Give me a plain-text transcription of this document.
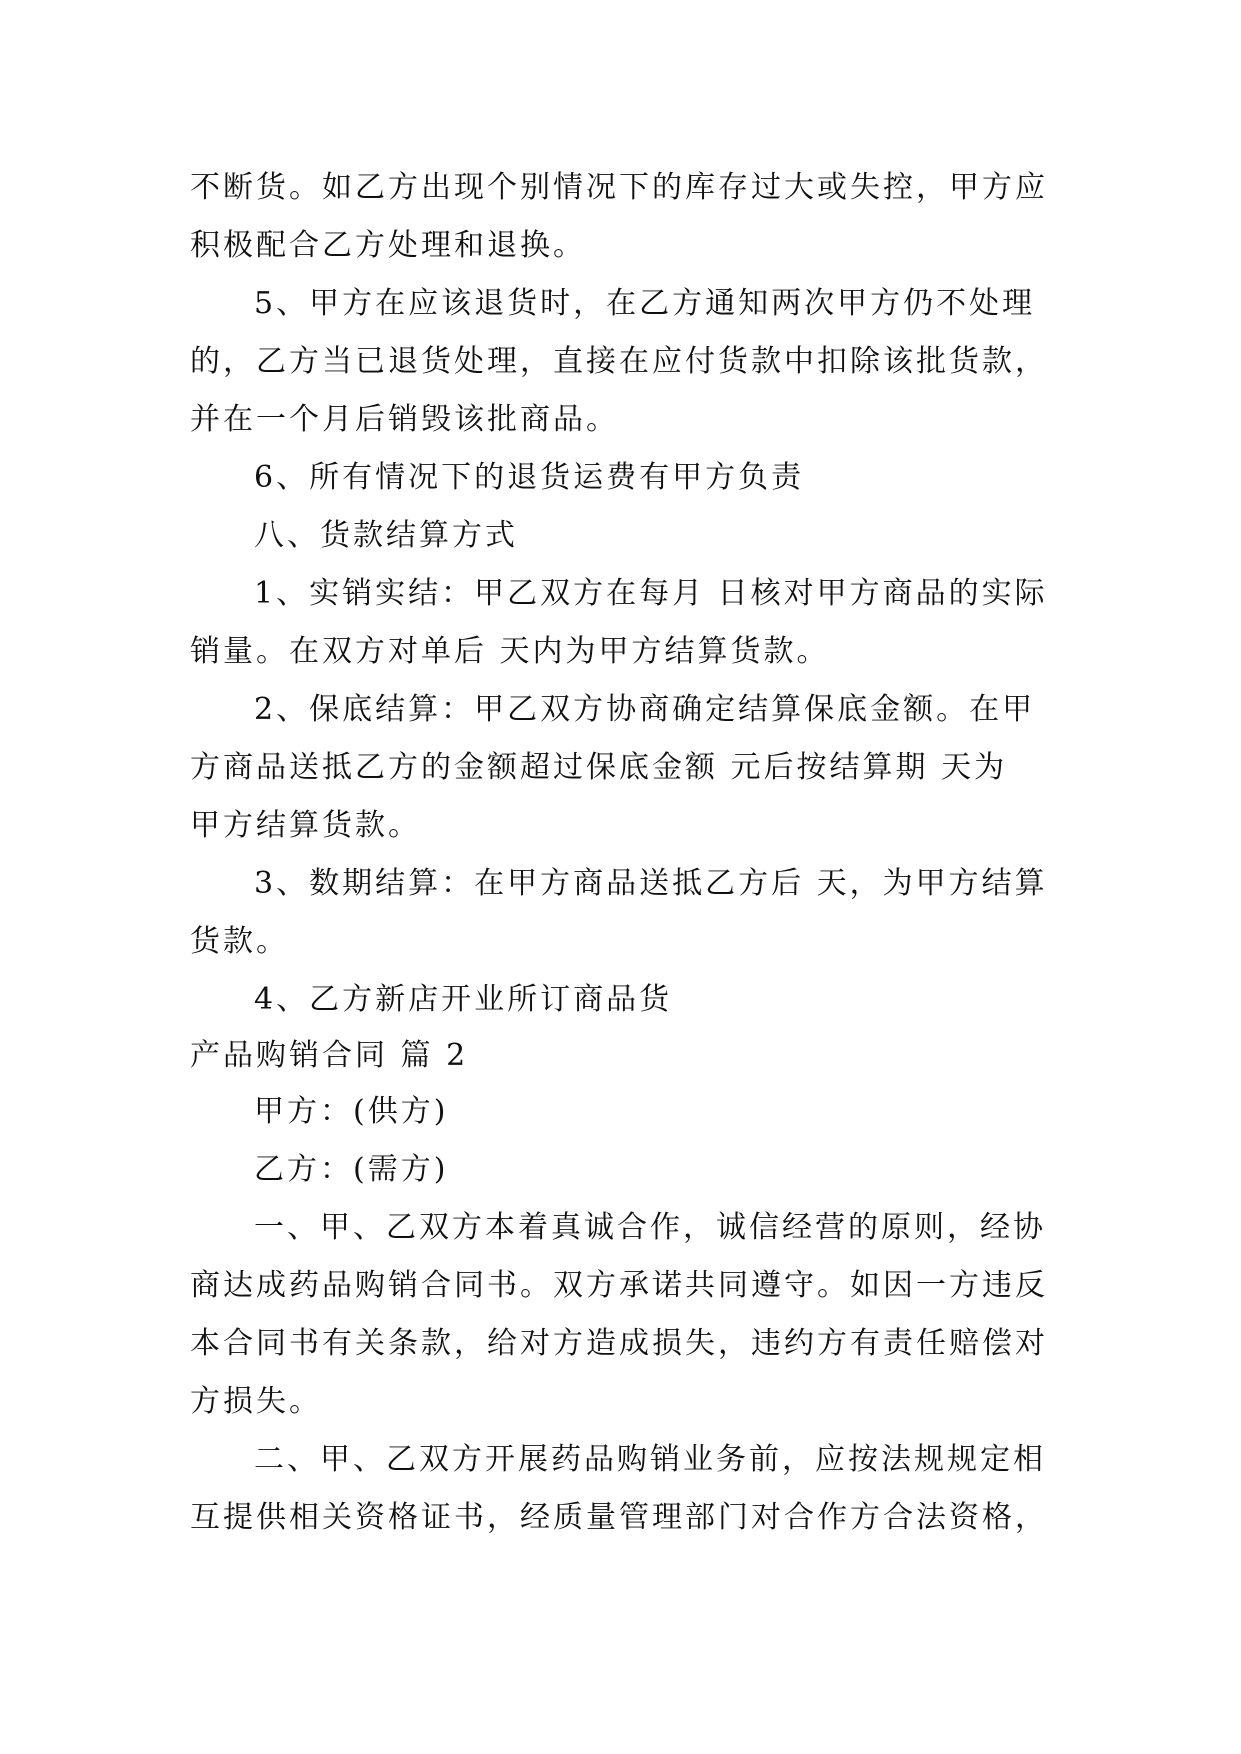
不断货。如乙方出现个别情况下的库存过大或失控，甲方应
积极配合乙方处理和退换。
5、甲方在应该退货时，在乙方通知两次甲方仍不处理
的，乙方当已退货处理，直接在应付货款中扣除该批货款，
并在一个月后销毁该批商品。
6、所有情况下的退货运费有甲方负责
八、货款结算方式
1、实销实结：甲乙双方在每月 日核对甲方商品的实际
销量。在双方对单后 天内为甲方结算货款。
2、保底结算：甲乙双方协商确定结算保底金额。在甲
方商品送抵乙方的金额超过保底金额 元后按结算期 天为
甲方结算货款。
3、数期结算：在甲方商品送抵乙方后 天，为甲方结算
货款。
4、乙方新店开业所订商品货
产品购销合同 篇 2
甲方：(供方)
乙方：(需方)
一、甲、乙双方本着真诚合作，诚信经营的原则，经协
商达成药品购销合同书。双方承诺共同遵守。如因一方违反
本合同书有关条款，给对方造成损失，违约方有责任赔偿对
方损失。
二、甲、乙双方开展药品购销业务前，应按法规规定相
互提供相关资格证书，经质量管理部门对合作方合法资格，
